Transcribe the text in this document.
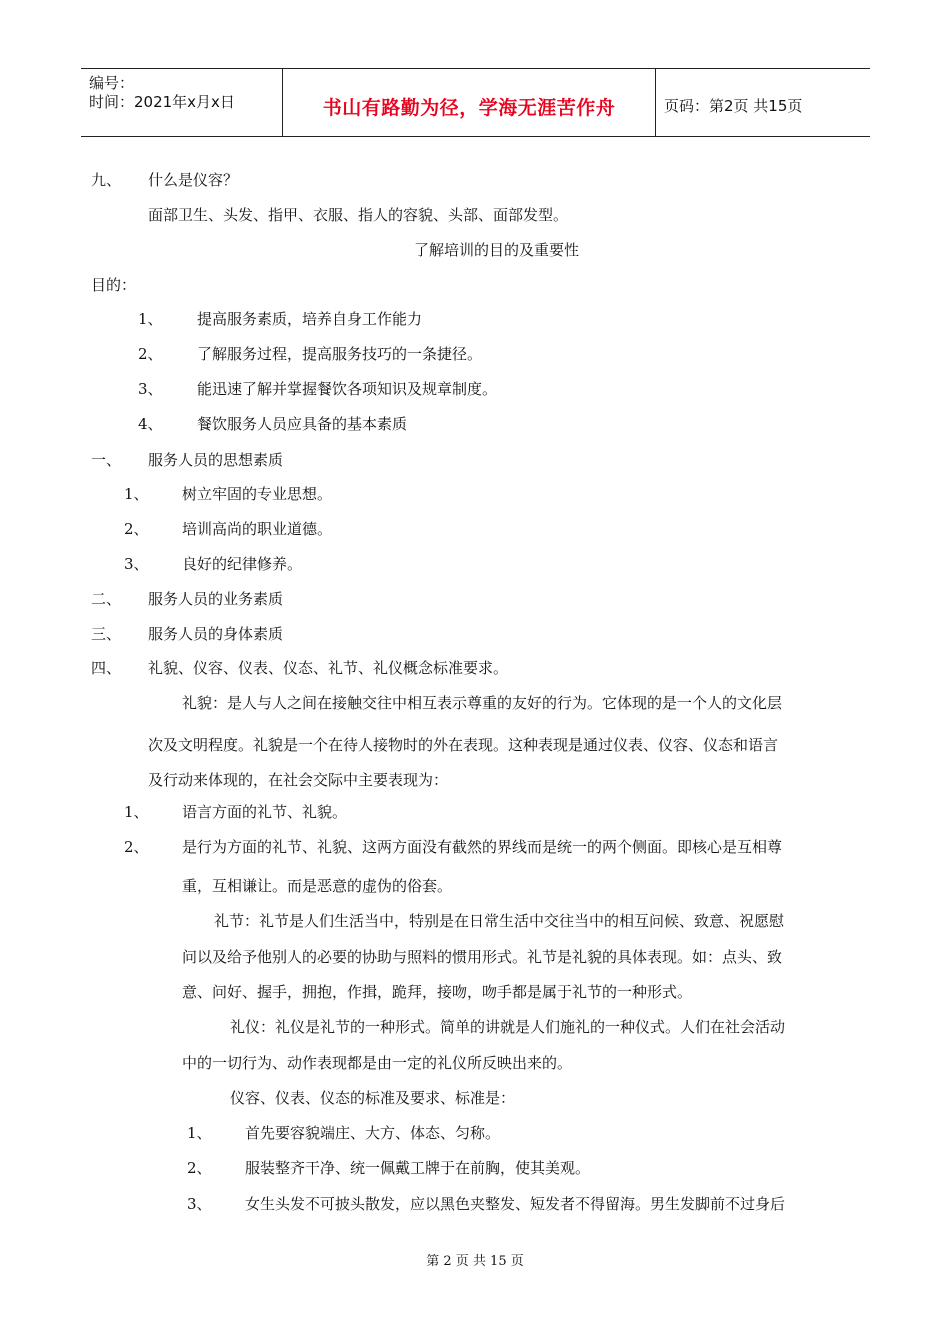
编号：
时间：2021年x月x日	书山有路勤为径，学海无涯苦作舟	页码：第2页 共15页
九、 什么是仪容？
面部卫生、头发、指甲、衣服、指人的容貌、头部、面部发型。
了解培训的目的及重要性
目的：
1、 提高服务素质，培养自身工作能力
2、 了解服务过程，提高服务技巧的一条捷径。
3、 能迅速了解并掌握餐饮各项知识及规章制度。
4、 餐饮服务人员应具备的基本素质
一、 服务人员的思想素质
1、 树立牢固的专业思想。
2、 培训高尚的职业道德。
3、 良好的纪律修养。
二、 服务人员的业务素质
三、 服务人员的身体素质
四、 礼貌、仪容、仪表、仪态、礼节、礼仪概念标准要求。
礼貌：是人与人之间在接触交往中相互表示尊重的友好的行为。它体现的是一个人的文化层
次及文明程度。礼貌是一个在待人接物时的外在表现。这种表现是通过仪表、仪容、仪态和语言
及行动来体现的，在社会交际中主要表现为：
1、 语言方面的礼节、礼貌。
2、 是行为方面的礼节、礼貌、这两方面没有截然的界线而是统一的两个侧面。即核心是互相尊
重，互相谦让。而是恶意的虚伪的俗套。
礼节：礼节是人们生活当中，特别是在日常生活中交往当中的相互问候、致意、祝愿慰
问以及给予他别人的必要的协助与照料的惯用形式。礼节是礼貌的具体表现。如：点头、致
意、问好、握手，拥抱，作揖，跪拜，接吻，吻手都是属于礼节的一种形式。
礼仪：礼仪是礼节的一种形式。简单的讲就是人们施礼的一种仪式。人们在社会活动
中的一切行为、动作表现都是由一定的礼仪所反映出来的。
仪容、仪表、仪态的标准及要求、标准是：
1、 首先要容貌端庄、大方、体态、匀称。
2、 服装整齐干净、统一佩戴工牌于在前胸，使其美观。
3、 女生头发不可披头散发，应以黑色夹整发、短发者不得留海。男生发脚前不过身后
第 2 页 共 15 页
